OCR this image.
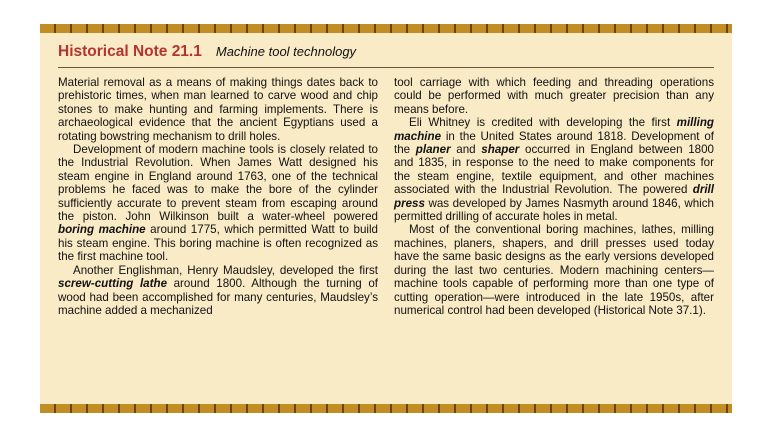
Historical Note 21.1 Machine tool technology

Material removal as a means of making things dates back to prehistoric times, when man learned to carve wood and chip stones to make hunting and farming implements. There is archaeological evidence that the ancient Egyptians used a rotating bowstring mechanism to drill holes.

Development of modern machine tools is closely related to the Industrial Revolution. When James Watt designed his steam engine in England around 1763, one of the technical problems he faced was to make the bore of the cylinder sufficiently accurate to prevent steam from escaping around the piston. John Wilkinson built a water-wheel powered boring machine around 1775, which permitted Watt to build his steam engine. This boring machine is often recognized as the first machine tool.

Another Englishman, Henry Maudsley, developed the first screw-cutting lathe around 1800. Although the turning of wood had been accomplished for many centuries, Maudsley’s machine added a mechanized

tool carriage with which feeding and threading operations could be performed with much greater precision than any means before.

Eli Whitney is credited with developing the first milling machine in the United States around 1818. Development of the planer and shaper occurred in England between 1800 and 1835, in response to the need to make components for the steam engine, textile equipment, and other machines associated with the Industrial Revolution. The powered drill press was developed by James Nasmyth around 1846, which permitted drilling of accurate holes in metal.

Most of the conventional boring machines, lathes, milling machines, planers, shapers, and drill presses used today have the same basic designs as the early versions developed during the last two centuries. Modern machining centers—machine tools capable of performing more than one type of cutting operation—were introduced in the late 1950s, after numerical control had been developed (Historical Note 37.1).
